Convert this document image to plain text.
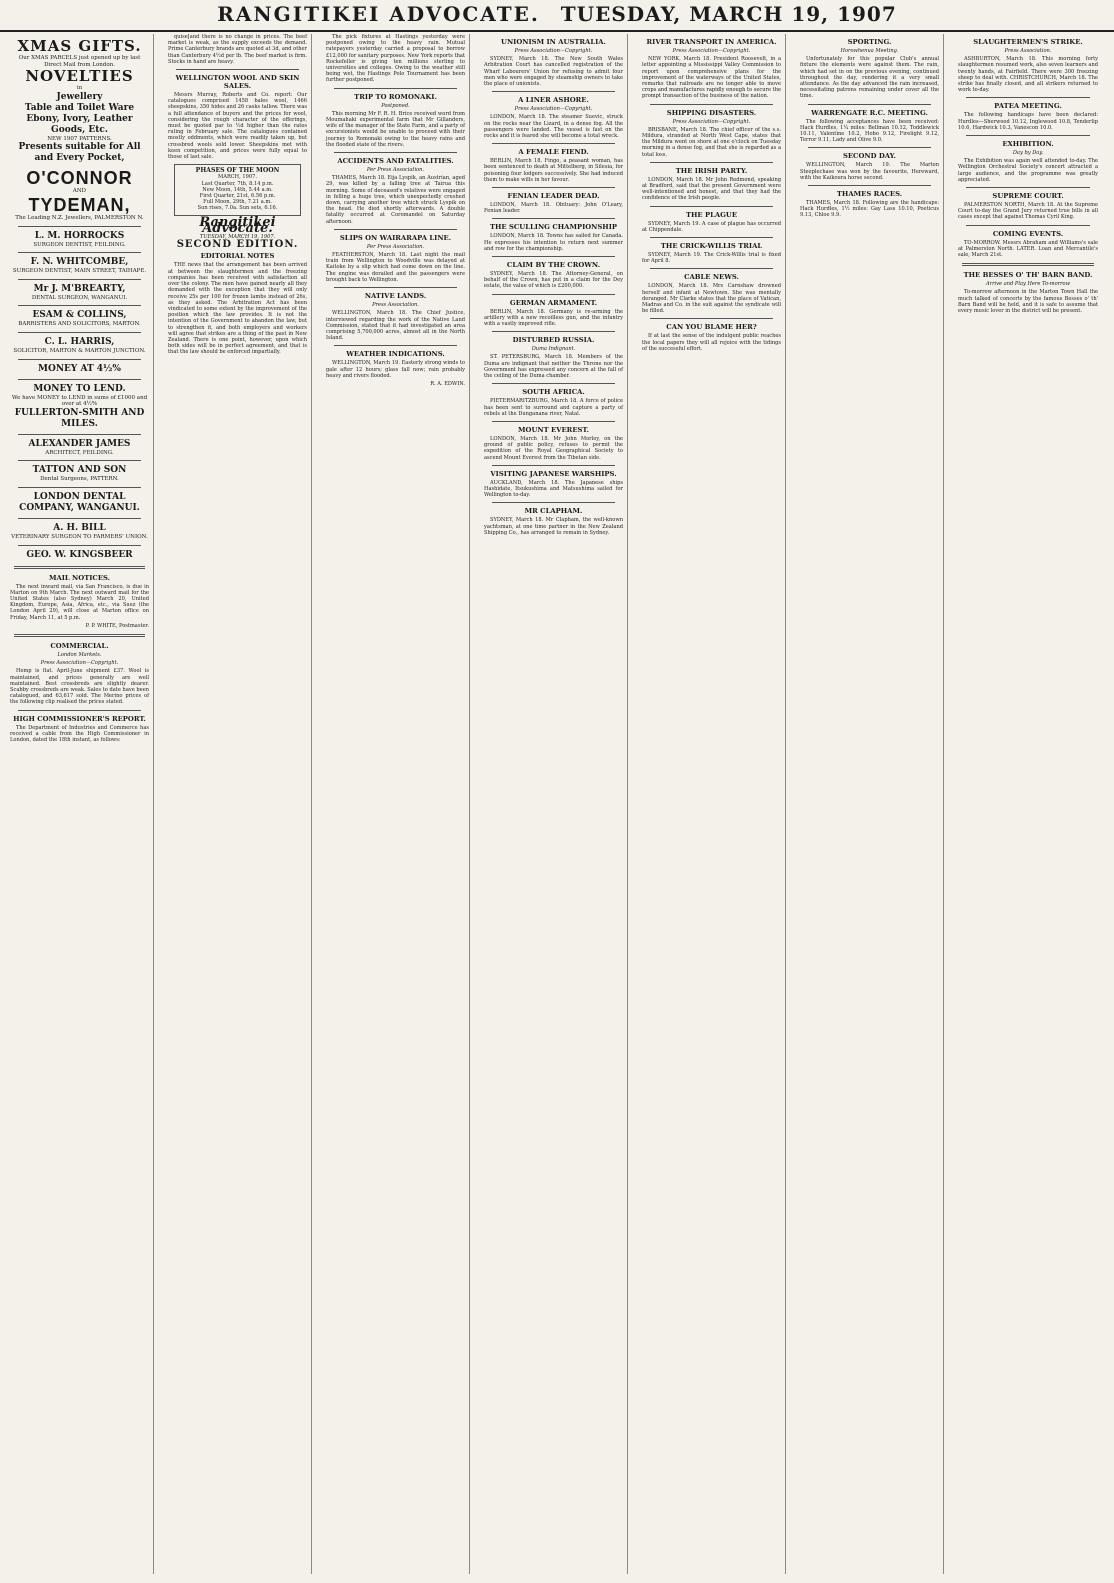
RANGITIKEI ADVOCATE. TUESDAY, MARCH 19, 1907
XMAS GIFTS.
Our XMAS PARCELS just opened up by last Direct Mail from London.
NOVELTIES
in
Jewellery
Table and Toilet Ware
Ebony, Ivory, Leather Goods, Etc.
NEW 1907 PATTERNS.
Presents suitable for All and Every Pocket,
O'CONNOR
AND
TYDEMAN,
The Leading N.Z. Jewellers, PALMERSTON N.
L. M. HORROCKS
SURGEON DENTIST, FEILDING.
F. N. WHITCOMBE,
SURGEON DENTIST, MAIN STREET, TAIHAPE.
Mr J. M'BREARTY,
DENTAL SURGEON, WANGANUI.
ESAM & COLLINS,
BARRISTERS AND SOLICITORS, MARTON.
C. L. HARRIS,
SOLICITOR, MARTON & MARTON JUNCTION.
MONEY AT 4½%
MONEY TO LEND.
We have MONEY to LEND in sums of £1000 and over at 4½%
FULLERTON-SMITH AND MILES.
ALEXANDER JAMES
ARCHITECT, FEILDING.
TATTON AND SON
Dental Surgeons, PATTERN.
LONDON DENTAL COMPANY, WANGANUI.
A. H. BILL
VETERINARY SURGEON TO FARMERS' UNION.
GEO. W. KINGSBEER
MAIL NOTICES.

The next inward mail, via San Francisco, is due in Marton on 9th March. The next outward mail for the United States (also Sydney) March 20, United Kingdom, Europe, Asia, Africa, etc., via Suez (the London April 29), will close at Marton office on Friday, March 11, at 5 p.m.

P. P. WHITE, Postmaster.

COMMERCIAL.
London Markets.
Press Association—Copyright.

Hemp is flat. April-June shipment £37. Wool is maintained, and prices generally are well maintained. Best crossbreds are slightly dearer. Scabby crossbreds are weak. Sales to date have been catalogued, and 63,617 sold. The Merino prices of the following clip realised the prices stated.

HIGH COMMISSIONER'S REPORT.

The Department of Industries and Commerce has received a cable from the High Commissioner in London, dated the 18th instant, as follows:

quise[and there is no change in prices. The beef market is weak, as the supply exceeds the demand. Prime Canterbury brands are quoted at 3d, and other than Canterbury 4½d per lb. The beef market is firm. Stocks in hand are heavy.

WELLINGTON WOOL AND SKIN SALES.

Messrs Murray, Roberts and Co. report: Our catalogues comprised 1458 bales wool, 1466 sheepskins, 350 hides and 26 casks tallow. There was a full attendance of buyers and the prices for wool, considering the rough character of the offerings, must be quoted par to ½d higher than the rates ruling in February sale. The catalogues contained mostly oddments, which were readily taken up, but crossbred wools sold lower. Sheepskins met with keen competition, and prices were fully equal to those of last sale.

PHASES OF THE MOON
MARCH, 1907.
Last Quarter, 7th, 8.14 p.m.
New Moon, 14th, 5.44 a.m.
First Quarter, 21st, 6.56 p.m.
Full Moon, 29th, 7.21 a.m.
Sun rises, 7.0a. Sun sets, 6.16.
Rangitikei Advocate.
TUESDAY, MARCH 19, 1907.
SECOND EDITION.
EDITORIAL NOTES

THE news that the arrangement has been arrived at between the slaughtermen and the freezing companies has been received with satisfaction all over the colony. The men have gained nearly all they demanded with the exception that they will only receive 25s per 100 for frozen lambs instead of 26s, as they asked. The Arbitration Act has been vindicated to some extent by the improvement of the position which the law provides. It is not the intention of the Government to abandon the law, but to strengthen it, and both employers and workers will agree that strikes are a thing of the past in New Zealand. There is one point, however, upon which both sides will be in perfect agreement, and that is that the law should be enforced impartially.

The pick fixtures at Hastings yesterday were postponed owing to the heavy rain. Mutual ratepayers yesterday carried a proposal to borrow £12,000 for sanitary purposes. New York reports that Rockefeller is giving ten millions sterling to universities and colleges. Owing to the weather still being wet, the Hastings Polo Tournament has been further postponed.

TRIP TO ROMONAKI.
Postponed.

This morning Mr F. R. H. Brice received word from Moumahaki experimental farm that Mr Gillanders, wife of the manager of the State Farm, and a party of excursionists would be unable to proceed with their journey to Romonaki owing to the heavy rains and the flooded state of the rivers.

ACCIDENTS AND FATALITIES.
Per Press Association.

THAMES, March 18. Eija Lyspik, an Austrian, aged 29, was killed by a falling tree at Tairua this morning. Some of deceased's relatives were engaged in felling a huge tree, which unexpectedly crushed down, carrying another tree which struck Lyspik on the head. He died shortly afterwards. A double fatality occurred at Coromandel on Saturday afternoon.

SLIPS ON WAIRARAPA LINE.
Per Press Association.

FEATHERSTON, March 18. Last night the mail train from Wellington to Woodville was delayed at Kaitoke by a slip which had come down on the line. The engine was derailed and the passengers were brought back to Wellington.

NATIVE LANDS.
Press Association.

WELLINGTON, March 18. The Chief Justice, interviewed regarding the work of the Native Land Commission, stated that it had investigated an area comprising 5,700,000 acres, almost all in the North Island.

WEATHER INDICATIONS.

WELLINGTON, March 19. Easterly strong winds to gale after 12 hours; glass fall now; rain probably heavy and rivers flooded.

R. A. EDWIN.

UNIONISM IN AUSTRALIA.
Press Association—Copyright.

SYDNEY, March 18. The New South Wales Arbitration Court has cancelled registration of the Wharf Labourers' Union for refusing to admit four men who were engaged by steamship owners to take the place of unionists.

A LINER ASHORE.
Press Association—Copyright.

LONDON, March 18. The steamer Suevic, struck on the rocks near the Lizard, in a dense fog. All the passengers were landed. The vessel is fast on the rocks and it is feared she will become a total wreck.

A FEMALE FIEND.

BERLIN, March 18. Fingo, a peasant woman, has been sentenced to death at Mittelberg, in Silesia, for poisoning four lodgers successively. She had induced them to make wills in her favour.

FENIAN LEADER DEAD.

LONDON, March 18. Obituary: John O'Leary, Fenian leader.

THE SCULLING CHAMPIONSHIP

LONDON, March 18. Towns has sailed for Canada. He expresses his intention to return next summer and row for the championship.

CLAIM BY THE CROWN.

SYDNEY, March 18. The Attorney-General, on behalf of the Crown, has put in a claim for the Dey estate, the value of which is £200,000.

GERMAN ARMAMENT.

BERLIN, March 18. Germany is re-arming the artillery with a new recoilless gun, and the infantry with a vastly improved rifle.

DISTURBED RUSSIA.
Duma Indignant.

ST. PETERSBURG, March 18. Members of the Duma are indignant that neither the Throne nor the Government has expressed any concern at the fall of the ceiling of the Duma chamber.

SOUTH AFRICA.

PIETERMARITZBURG, March 18. A force of police has been sent to surround and capture a party of rebels at the Dunganana river, Natal.

MOUNT EVEREST.

LONDON, March 18. Mr John Morley, on the ground of public policy, refuses to permit the expedition of the Royal Geographical Society to ascend Mount Everest from the Tibetan side.

VISITING JAPANESE WARSHIPS.

AUCKLAND, March 18. The Japanese ships Hashidate, Itsukushima and Matsushima sailed for Wellington to-day.

MR CLAPHAM.

SYDNEY, March 18. Mr Clapham, the well-known yachtsman, at one time partner in the New Zealand Shipping Co., has arranged to remain in Sydney.

RIVER TRANSPORT IN AMERICA.
Press Association—Copyright.

NEW YORK, March 18. President Roosevelt, in a letter appointing a Mississippi Valley Commission to report upon comprehensive plans for the improvement of the waterways of the United States, remarks that railroads are no longer able to move crops and manufactures rapidly enough to secure the prompt transaction of the business of the nation.

SHIPPING DISASTERS.
Press Association—Copyright.

BRISBANE, March 18. The chief officer of the s.s. Mildura, stranded at North West Cape, states that the Mildura went on shore at one o'clock on Tuesday morning in a dense fog, and that she is regarded as a total loss.

THE IRISH PARTY.

LONDON, March 18. Mr John Redmond, speaking at Bradford, said that the present Government were well-intentioned and honest, and that they had the confidence of the Irish people.

THE PLAGUE

SYDNEY, March 19. A case of plague has occurred at Chippendale.

THE CRICK-WILLIS TRIAL

SYDNEY, March 19. The Crick-Willis trial is fixed for April 8.

CABLE NEWS.

LONDON, March 18. Mrs Carnshaw drowned herself and infant at Newtown. She was mentally deranged. Mr Clarke states that the place of Vatican, Madras and Co. in the suit against the syndicate will be filled.

CAN YOU BLAME HER?

If at last the sense of the indulgent public reaches the local papers they will all rejoice with the tidings of the successful effort.

SPORTING.
Horowhenua Meeting.

Unfortunately for this popular Club's annual fixture the elements were against them. The rain, which had set in on the previous evening, continued throughout the day, rendering it a very small attendance. As the day advanced the rain increased, necessitating patrons remaining under cover all the time.

WARRENGATE R.C. MEETING.

The following acceptances have been received: Hack Hurdles, 1¼ miles: Bellman 10.12, Toddlewick 10.11, Valentine 10.2, Hobo 9.12, Firelight 9.12, Terror 9.11, Lady and Olive 9.0.

SECOND DAY.

WELLINGTON, March 19. The Marton Steeplechase was won by the favourite, Hereward, with the Kaikoura horse second.

THAMES RACES.

THAMES, March 18. Following are the handicaps: Hack Hurdles, 1½ miles: Gay Lass 10.10, Poeticus 9.13, Chloe 9.9.

SLAUGHTERMEN'S STRIKE.
Press Association.

ASHBURTON, March 18. This morning forty slaughtermen resumed work, also seven learners and twenty hands, at Fairfield. There were 300 freezing sheep to deal with. CHRISTCHURCH, March 18. The strike has finally closed, and all strikers returned to work to-day.

PATEA MEETING.

The following handicaps have been declared: Hurdles—Sherwood 10.12, Inglewood 10.8, Tenderlip 10.6, Hardwick 10.3, Vanescon 10.0.

EXHIBITION.
Day by Day.

The Exhibition was again well attended to-day. The Wellington Orchestral Society's concert attracted a large audience, and the programme was greatly appreciated.

SUPREME COURT.

PALMERSTON NORTH, March 18. At the Supreme Court to-day the Grand Jury returned true bills in all cases except that against Thomas Cyril King.

COMING EVENTS.

TO-MORROW. Messrs Abraham and Williams's sale at Palmerston North. LATER. Loan and Mercantile's sale, March 21st.

THE BESSES O' TH' BARN BAND.
Arrive and Play Here To-morrow

To-morrow afternoon in the Marton Town Hall the much talked of concerts by the famous Besses o' th' Barn Band will be held, and it is safe to assume that every music lover in the district will be present.
